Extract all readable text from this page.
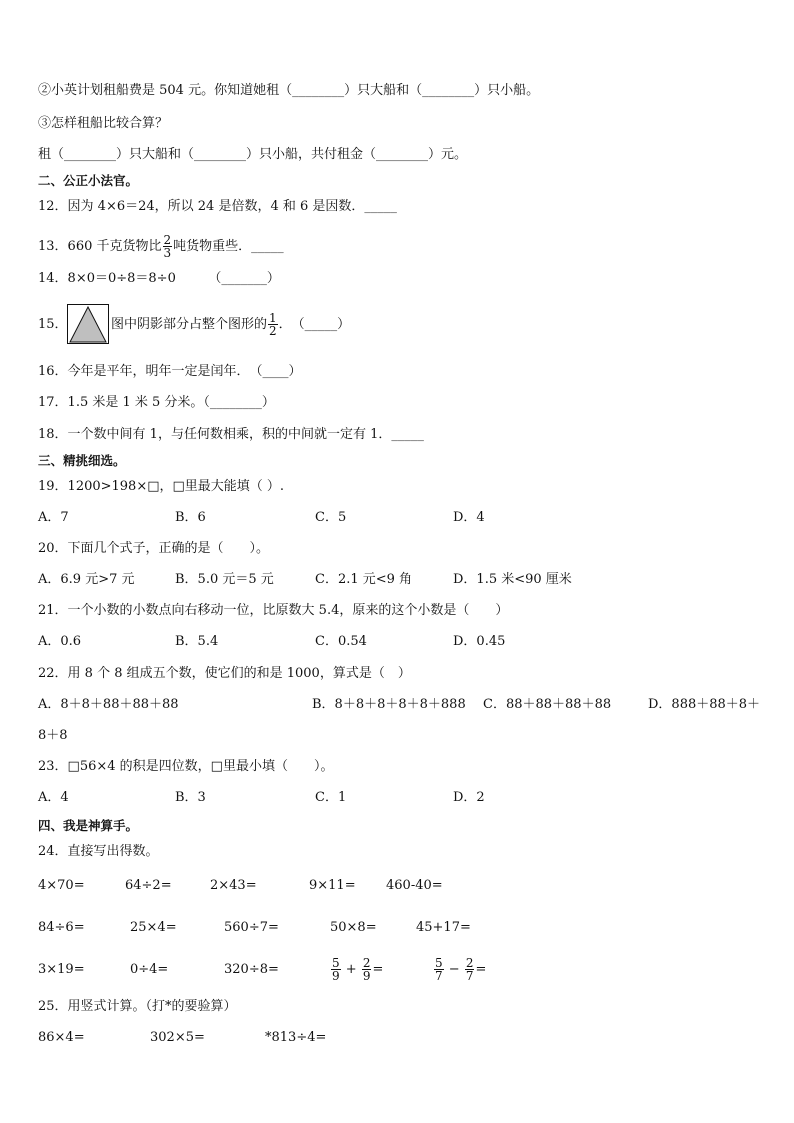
②小英计划租船费是 504 元。你知道她租（________）只大船和（________）只小船。
③怎样租船比较合算？
租（________）只大船和（________）只小船，共付租金（________）元。
二、公正小法官。
12．因为 4×6＝24，所以 24 是倍数，4 和 6 是因数．_____
13．660 千克货物比 $\frac{2}{3}$ 吨货物重些．_____
14．8×0＝0÷8＝8÷0　　　（_______）
15．	图中阴影部分占整个图形的 $\frac{1}{2}$ ．　（_____）
16．今年是平年，明年一定是闰年．　（____）
17．1.5 米是 1 米 5 分米。（________）
18．一个数中间有 1，与任何数相乘，积的中间就一定有 1．_____
三、精挑细选。
19．1200>198×□，□里最大能填（ ）.
A．7	B．6	C．5	D．4
20．下面几个式子，正确的是（　　）。
A．6.9 元>7 元	B．5.0 元＝5 元	C．2.1 元<9 角	D．1.5 米<90 厘米
21．一个小数的小数点向右移动一位，比原数大 5.4，原来的这个小数是（　　）
A．0.6	B．5.4	C．0.54	D．0.45
22．用 8 个 8 组成五个数，使它们的和是 1000，算式是（　）
A．8＋8＋88＋88＋88	B．8＋8＋8＋8＋8＋888 C．88＋88＋88＋88	D．888＋88＋8＋
8＋8
23．□56×4 的积是四位数，□里最小填（　　）。
A．4	B．3	C．1	D．2
四、我是神算手。
24．直接写出得数。
4×70=	64÷2=	2×43=	9×11= 460-40=
84÷6=	25×4=	560÷7=	50×8=	45+17=
3×19=	0÷4=	320÷8=	$\frac{5}{9} + \frac{2}{9}$ =	$\frac{5}{7} - \frac{2}{7}$ =
25．用竖式计算。（打*的要验算）
86×4=	302×5=	*813÷4=
